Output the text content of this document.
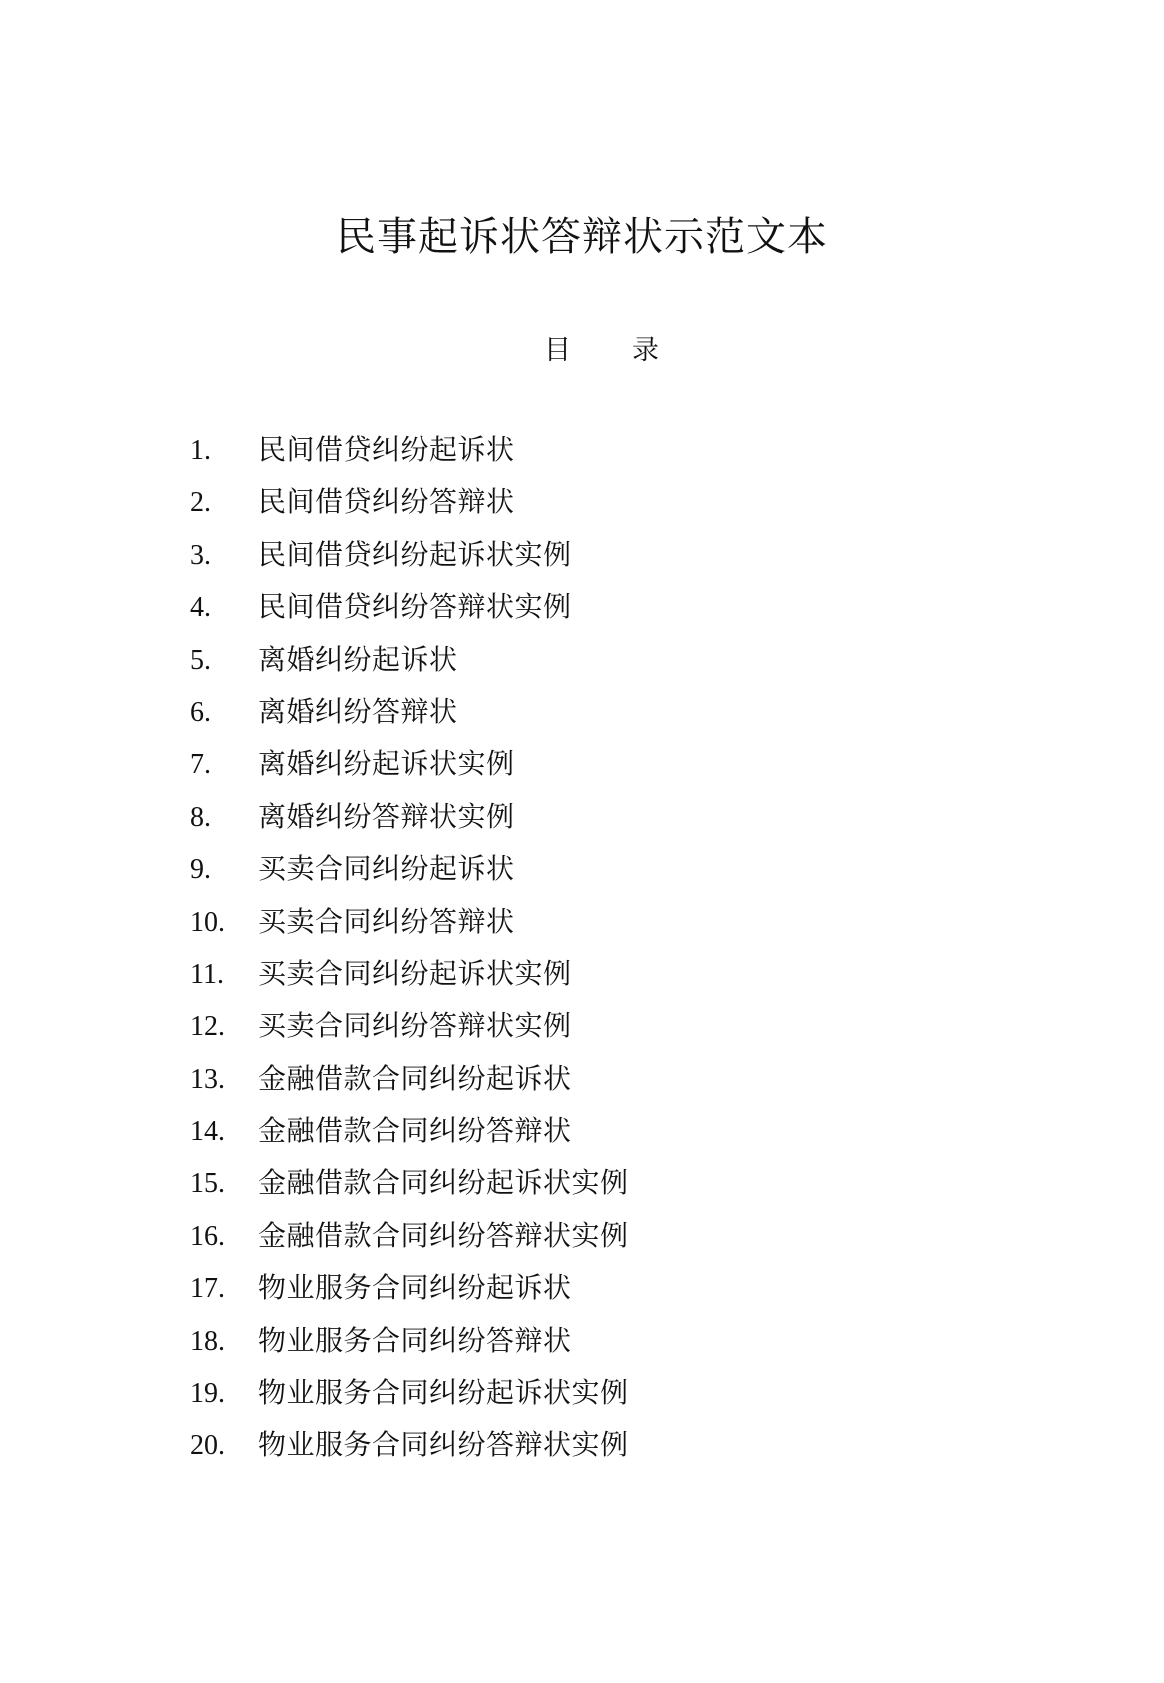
民事起诉状答辩状示范文本
目 录
1. 民间借贷纠纷起诉状
2. 民间借贷纠纷答辩状
3. 民间借贷纠纷起诉状实例
4. 民间借贷纠纷答辩状实例
5. 离婚纠纷起诉状
6. 离婚纠纷答辩状
7. 离婚纠纷起诉状实例
8. 离婚纠纷答辩状实例
9. 买卖合同纠纷起诉状
10. 买卖合同纠纷答辩状
11. 买卖合同纠纷起诉状实例
12. 买卖合同纠纷答辩状实例
13. 金融借款合同纠纷起诉状
14. 金融借款合同纠纷答辩状
15. 金融借款合同纠纷起诉状实例
16. 金融借款合同纠纷答辩状实例
17. 物业服务合同纠纷起诉状
18. 物业服务合同纠纷答辩状
19. 物业服务合同纠纷起诉状实例
20. 物业服务合同纠纷答辩状实例
